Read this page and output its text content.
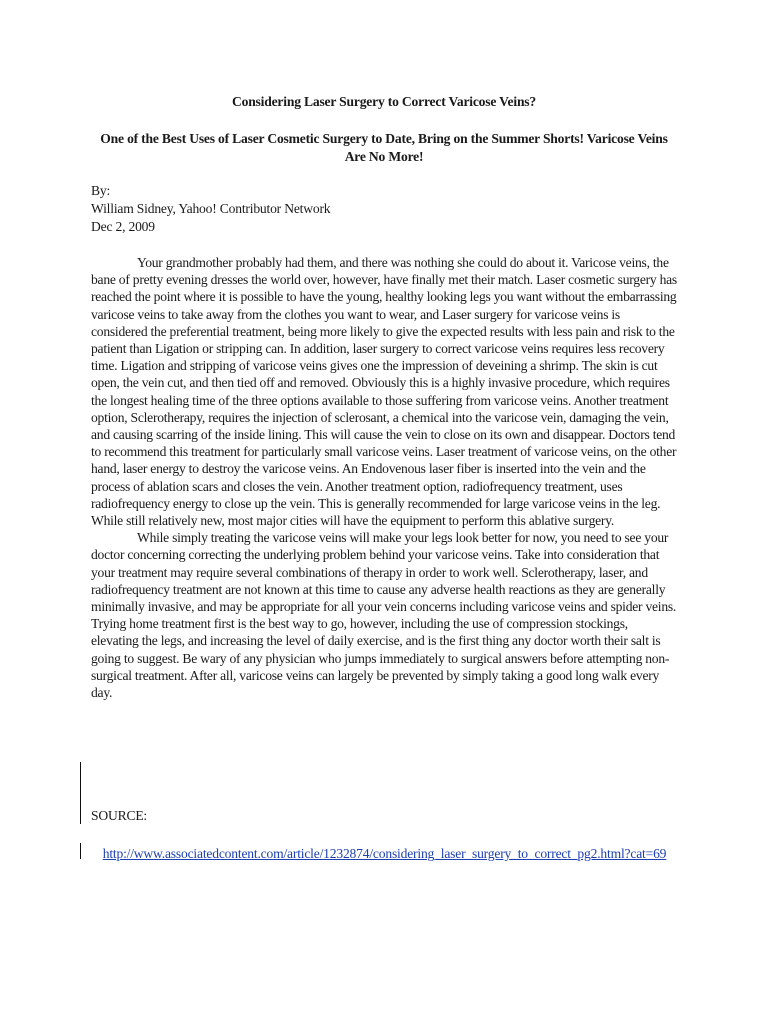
Considering Laser Surgery to Correct Varicose Veins?
One of the Best Uses of Laser Cosmetic Surgery to Date, Bring on the Summer Shorts! Varicose Veins Are No More!
By:
William Sidney, Yahoo! Contributor Network
Dec 2, 2009

Your grandmother probably had them, and there was nothing she could do about it. Varicose veins, the bane of pretty evening dresses the world over, however, have finally met their match. Laser cosmetic surgery has reached the point where it is possible to have the young, healthy looking legs you want without the embarrassing varicose veins to take away from the clothes you want to wear, and Laser surgery for varicose veins is considered the preferential treatment, being more likely to give the expected results with less pain and risk to the patient than Ligation or stripping can. In addition, laser surgery to correct varicose veins requires less recovery time. Ligation and stripping of varicose veins gives one the impression of deveining a shrimp. The skin is cut open, the vein cut, and then tied off and removed. Obviously this is a highly invasive procedure, which requires the longest healing time of the three options available to those suffering from varicose veins. Another treatment option, Sclerotherapy, requires the injection of sclerosant, a chemical into the varicose vein, damaging the vein, and causing scarring of the inside lining. This will cause the vein to close on its own and disappear. Doctors tend to recommend this treatment for particularly small varicose veins. Laser treatment of varicose veins, on the other hand, laser energy to destroy the varicose veins. An Endovenous laser fiber is inserted into the vein and the process of ablation scars and closes the vein. Another treatment option, radiofrequency treatment, uses radiofrequency energy to close up the vein. This is generally recommended for large varicose veins in the leg. While still relatively new, most major cities will have the equipment to perform this ablative surgery.

While simply treating the varicose veins will make your legs look better for now, you need to see your doctor concerning correcting the underlying problem behind your varicose veins. Take into consideration that your treatment may require several combinations of therapy in order to work well. Sclerotherapy, laser, and radiofrequency treatment are not known at this time to cause any adverse health reactions as they are generally minimally invasive, and may be appropriate for all your vein concerns including varicose veins and spider veins. Trying home treatment first is the best way to go, however, including the use of compression stockings, elevating the legs, and increasing the level of daily exercise, and is the first thing any doctor worth their salt is going to suggest. Be wary of any physician who jumps immediately to surgical answers before attempting non-surgical treatment. After all, varicose veins can largely be prevented by simply taking a good long walk every day.

SOURCE:
http://www.associatedcontent.com/article/1232874/considering_laser_surgery_to_correct_pg2.html?cat=69
